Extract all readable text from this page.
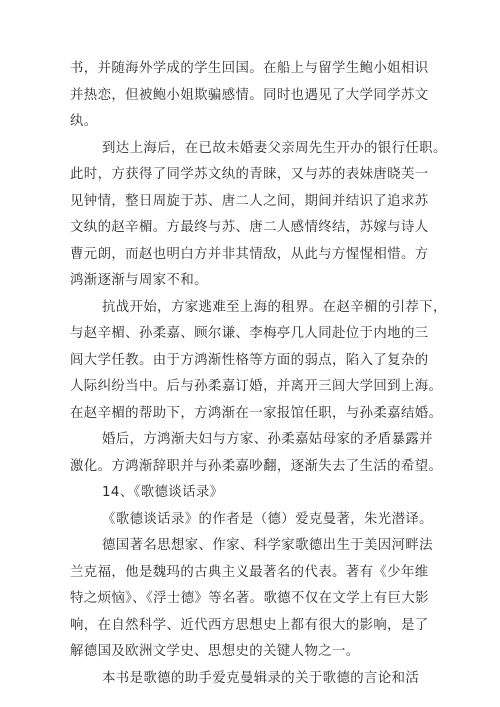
书，并随海外学成的学生回国。在船上与留学生鲍小姐相识
并热恋，但被鲍小姐欺骗感情。同时也遇见了大学同学苏文
纨。
到达上海后，在已故未婚妻父亲周先生开办的银行任职。
此时，方获得了同学苏文纨的青睐，又与苏的表妹唐晓芙一
见钟情，整日周旋于苏、唐二人之间，期间并结识了追求苏
文纨的赵辛楣。方最终与苏、唐二人感情终结，苏嫁与诗人
曹元朗，而赵也明白方并非其情敌，从此与方惺惺相惜。方
鸿渐逐渐与周家不和。
抗战开始，方家逃难至上海的租界。在赵辛楣的引荐下，
与赵辛楣、孙柔嘉、顾尔谦、李梅亭几人同赴位于内地的三
闾大学任教。由于方鸿渐性格等方面的弱点，陷入了复杂的
人际纠纷当中。后与孙柔嘉订婚，并离开三闾大学回到上海。
在赵辛楣的帮助下，方鸿渐在一家报馆任职，与孙柔嘉结婚。
婚后，方鸿渐夫妇与方家、孙柔嘉姑母家的矛盾暴露并
激化。方鸿渐辞职并与孙柔嘉吵翻，逐渐失去了生活的希望。
14、《歌德谈话录》
《歌德谈话录》的作者是（德）爱克曼著，朱光潜译。
德国著名思想家、作家、科学家歌德出生于美因河畔法
兰克福，他是魏玛的古典主义最著名的代表。著有《少年维
特之烦恼》、《浮士德》等名著。歌德不仅在文学上有巨大影
响，在自然科学、近代西方思想史上都有很大的影响，是了
解德国及欧洲文学史、思想史的关键人物之一。
本书是歌德的助手爱克曼辑录的关于歌德的言论和活
